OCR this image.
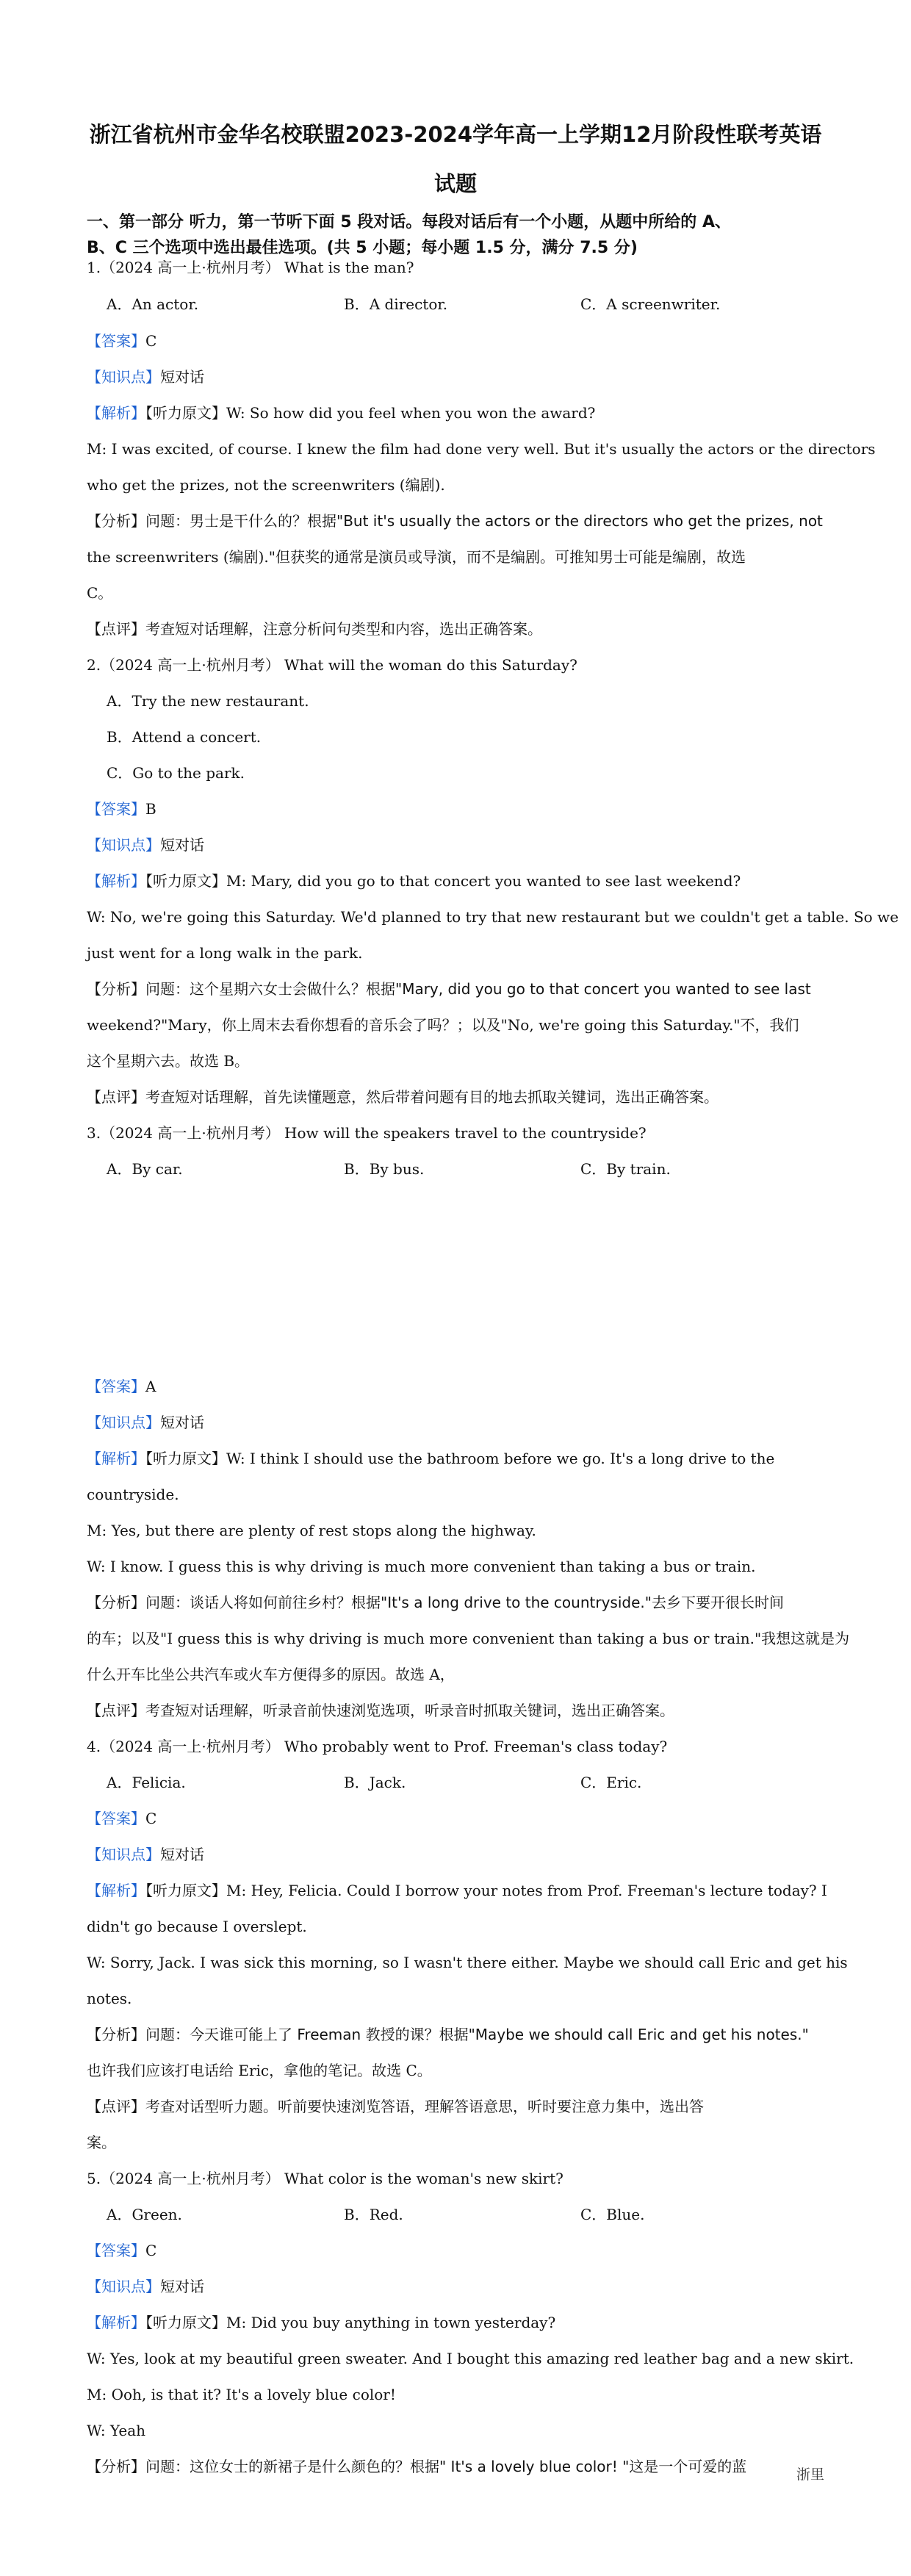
浙江省杭州市金华名校联盟2023-2024学年高一上学期12月阶段性联考英语
试题
一、第一部分 听力，第一节听下面 5 段对话。每段对话后有一个小题，从题中所给的 A、
B、C 三个选项中选出最佳选项。(共 5 小题；每小题 1.5 分，满分 7.5 分)
1.（2024 高一上·杭州月考） What is the man?
A．An actor.	B．A director.	C．A screenwriter.
【答案】C
【知识点】短对话
【解析】【听力原文】W: So how did you feel when you won the award?
M: I was excited, of course. I knew the film had done very well. But it's usually the actors or the directors
who get the prizes, not the screenwriters (编剧).
【分析】问题：男士是干什么的？根据"But it's usually the actors or the directors who get the prizes, not
the screenwriters (编剧)."但获奖的通常是演员或导演，而不是编剧。可推知男士可能是编剧，故选
C。
【点评】考查短对话理解，注意分析问句类型和内容，选出正确答案。
2.（2024 高一上·杭州月考） What will the woman do this Saturday?
A．Try the new restaurant.
B．Attend a concert.
C．Go to the park.
【答案】B
【知识点】短对话
【解析】【听力原文】M: Mary, did you go to that concert you wanted to see last weekend?
W: No, we're going this Saturday. We'd planned to try that new restaurant but we couldn't get a table. So we
just went for a long walk in the park.
【分析】问题：这个星期六女士会做什么？根据"Mary, did you go to that concert you wanted to see last
weekend?"Mary，你上周末去看你想看的音乐会了吗？；以及"No, we're going this Saturday."不，我们
这个星期六去。故选 B。
【点评】考查短对话理解，首先读懂题意，然后带着问题有目的地去抓取关键词，选出正确答案。
3.（2024 高一上·杭州月考） How will the speakers travel to the countryside?
A．By car.	B．By bus.	C．By train.
【答案】A
【知识点】短对话
【解析】【听力原文】W: I think I should use the bathroom before we go. It's a long drive to the
countryside.
M: Yes, but there are plenty of rest stops along the highway.
W: I know. I guess this is why driving is much more convenient than taking a bus or train.
【分析】问题：谈话人将如何前往乡村？根据"It's a long drive to the countryside."去乡下要开很长时间
的车；以及"I guess this is why driving is much more convenient than taking a bus or train."我想这就是为
什么开车比坐公共汽车或火车方便得多的原因。故选 A，
【点评】考查短对话理解，听录音前快速浏览选项，听录音时抓取关键词，选出正确答案。
4.（2024 高一上·杭州月考） Who probably went to Prof. Freeman's class today?
A．Felicia.	B．Jack.	C．Eric.
【答案】C
【知识点】短对话
【解析】【听力原文】M: Hey, Felicia. Could I borrow your notes from Prof. Freeman's lecture today? I
didn't go because I overslept.
W: Sorry, Jack. I was sick this morning, so I wasn't there either. Maybe we should call Eric and get his
notes.
【分析】问题：今天谁可能上了 Freeman 教授的课？根据"Maybe we should call Eric and get his notes."
也许我们应该打电话给 Eric，拿他的笔记。故选 C。
【点评】考查对话型听力题。听前要快速浏览答语，理解答语意思，听时要注意力集中，选出答
案。
5.（2024 高一上·杭州月考） What color is the woman's new skirt?
A．Green.	B．Red.	C．Blue.
【答案】C
【知识点】短对话
【解析】【听力原文】M: Did you buy anything in town yesterday?
W: Yes, look at my beautiful green sweater. And I bought this amazing red leather bag and a new skirt.
M: Ooh, is that it? It's a lovely blue color!
W: Yeah
【分析】问题：这位女士的新裙子是什么颜色的？根据" It's a lovely blue color! "这是一个可爱的蓝	浙里
